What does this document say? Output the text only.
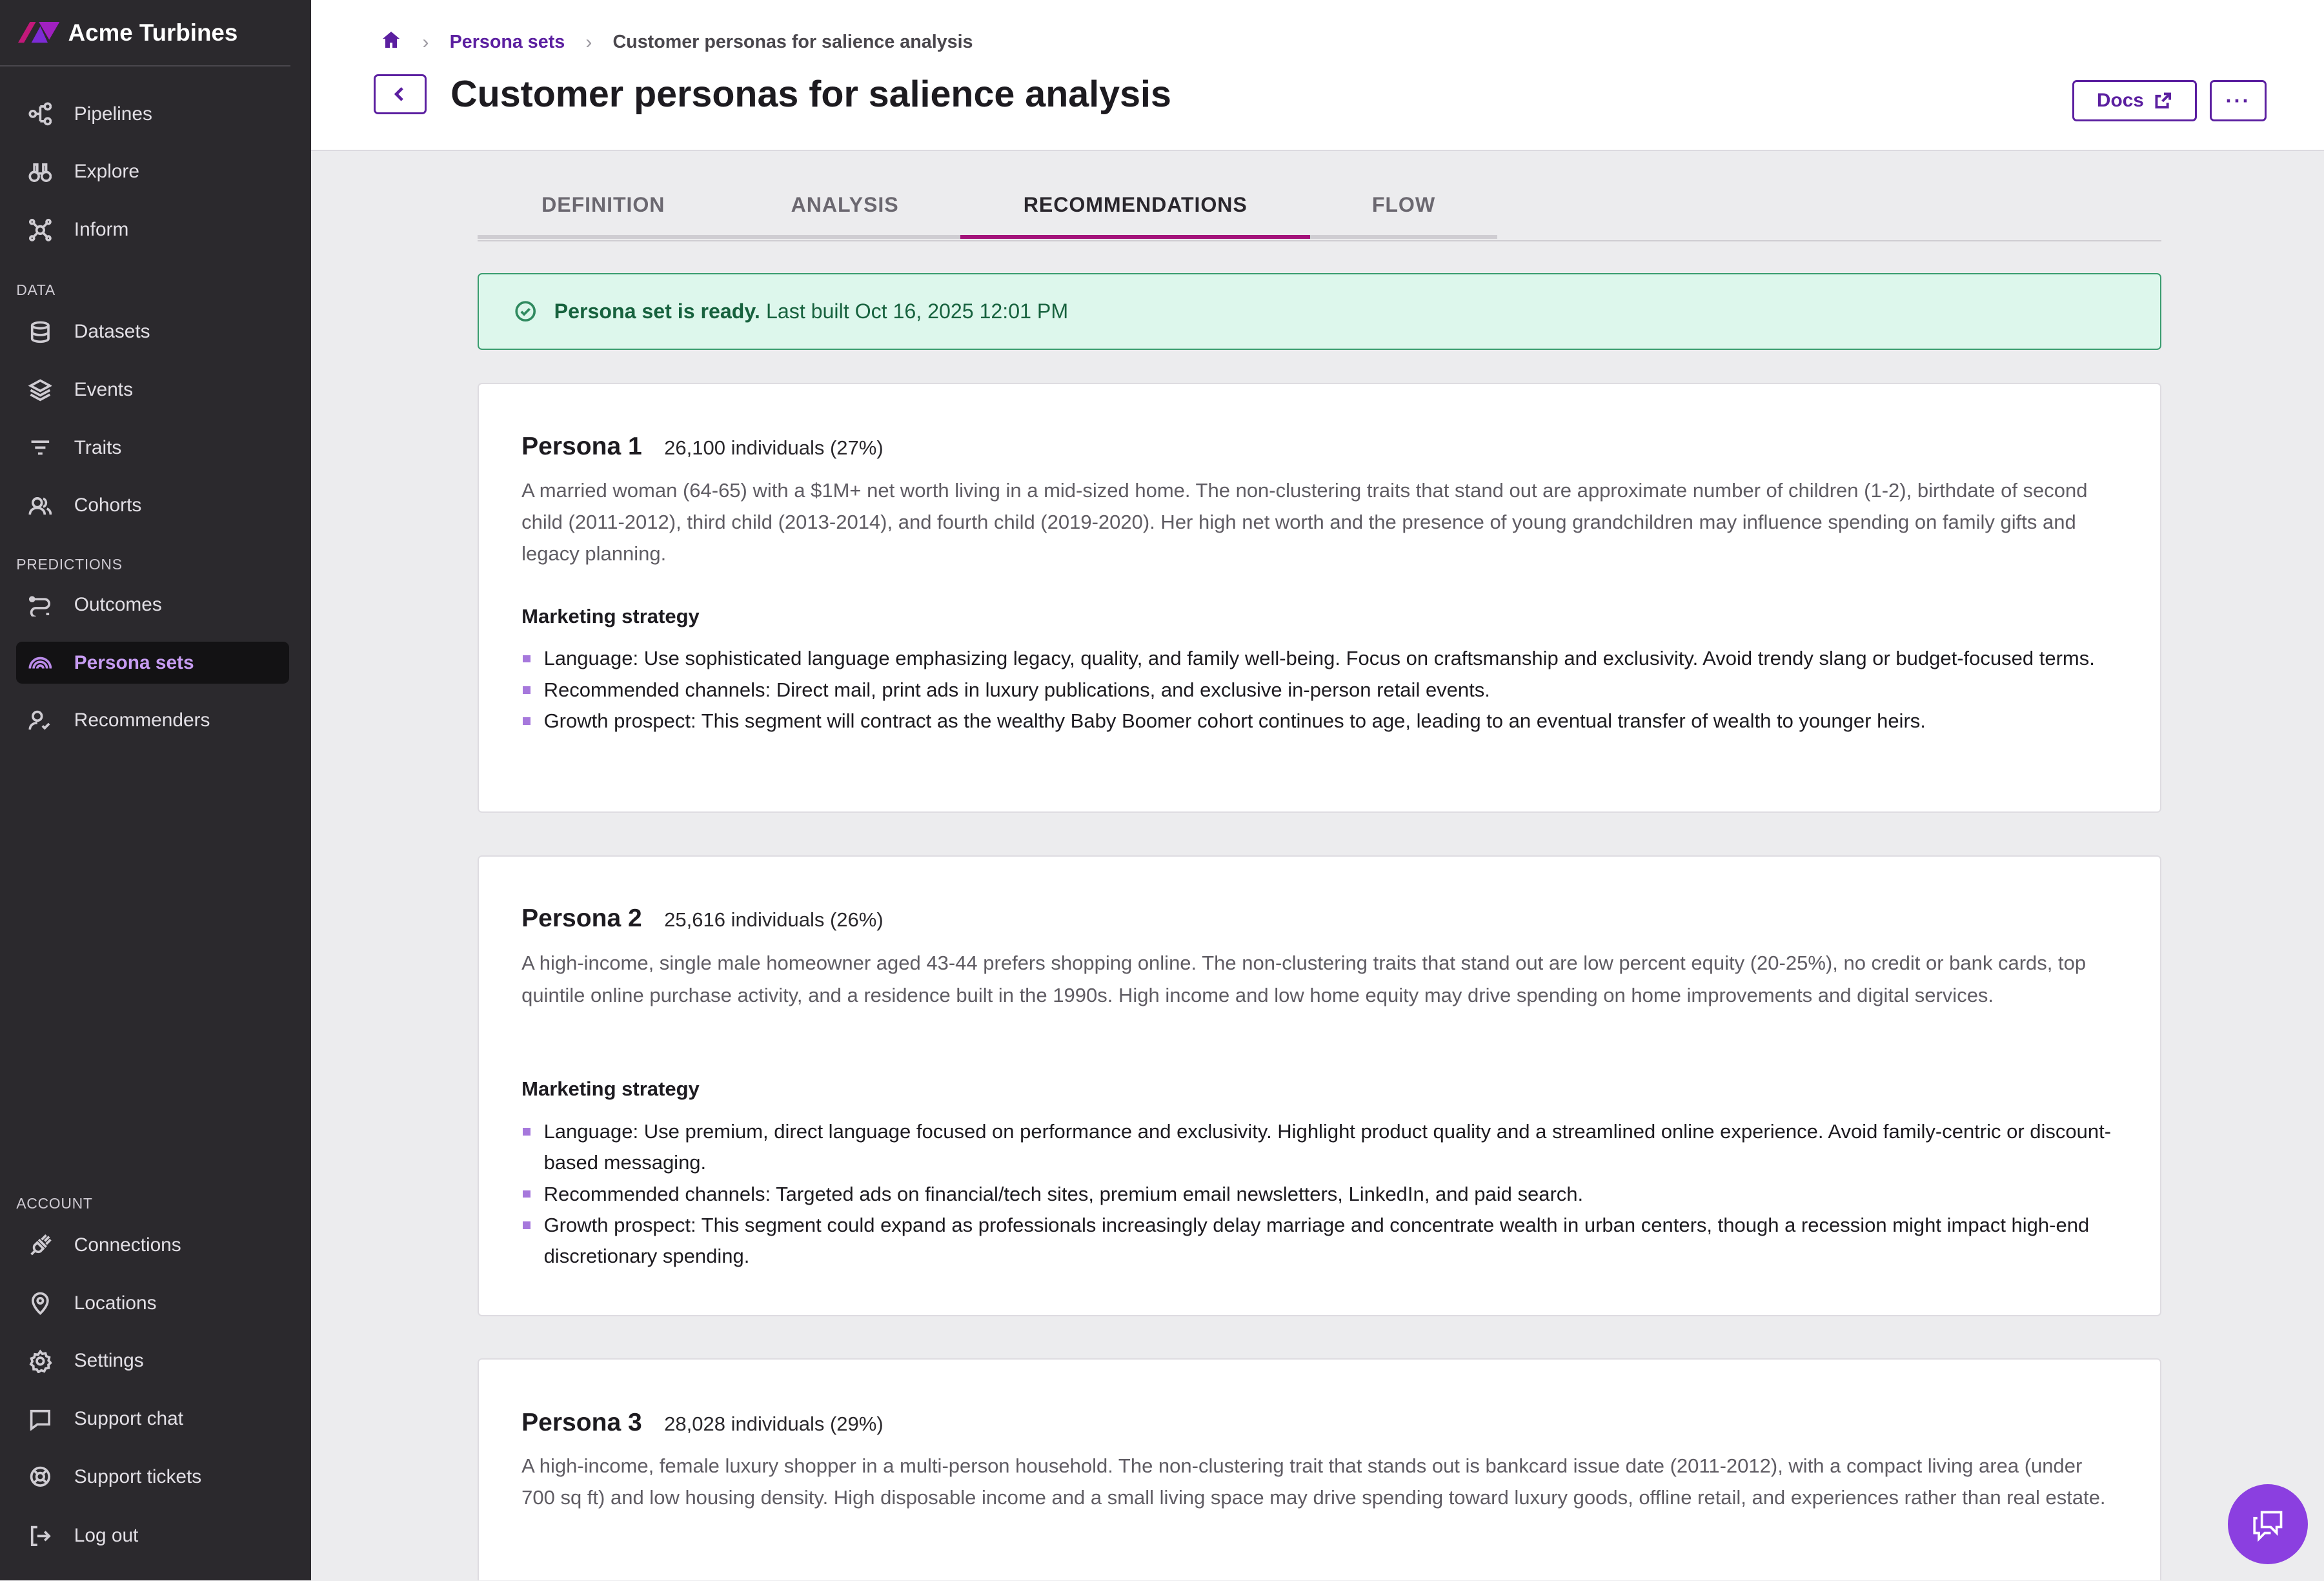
Acme Turbines
Pipelines
Explore
Inform
DATA
Datasets
Events
Traits
Cohorts
PREDICTIONS
Outcomes
Persona sets
Recommenders
ACCOUNT
Connections
Locations
Settings
Support chat
Support tickets
Log out
›	Persona sets ›	Customer personas for salience analysis
Customer personas for salience analysis	Docs	···
DEFINITION	ANALYSIS	RECOMMENDATIONS	FLOW
Persona set is ready. Last built Oct 16, 2025 12:01 PM
Persona 1	26,100 individuals (27%)
A married woman (64-65) with a $1M+ net worth living in a mid-sized home. The non-clustering traits that stand out are approximate number of children (1-2), birthdate of second child (2011-2012), third child (2013-2014), and fourth child (2019-2020). Her high net worth and the presence of young grandchildren may influence spending on family gifts and legacy planning.
Marketing strategy
Language: Use sophisticated language emphasizing legacy, quality, and family well-being. Focus on craftsmanship and exclusivity. Avoid trendy slang or budget-focused terms.
Recommended channels: Direct mail, print ads in luxury publications, and exclusive in-person retail events.
Growth prospect: This segment will contract as the wealthy Baby Boomer cohort continues to age, leading to an eventual transfer of wealth to younger heirs.
Persona 2	25,616 individuals (26%)
A high-income, single male homeowner aged 43-44 prefers shopping online. The non-clustering traits that stand out are low percent equity (20-25%), no credit or bank cards, top quintile online purchase activity, and a residence built in the 1990s. High income and low home equity may drive spending on home improvements and digital services.
Marketing strategy
Language: Use premium, direct language focused on performance and exclusivity. Highlight product quality and a streamlined online experience. Avoid family-centric or discount-based messaging.
Recommended channels: Targeted ads on financial/tech sites, premium email newsletters, LinkedIn, and paid search.
Growth prospect: This segment could expand as professionals increasingly delay marriage and concentrate wealth in urban centers, though a recession might impact high-end discretionary spending.
Persona 3	28,028 individuals (29%)
A high-income, female luxury shopper in a multi-person household. The non-clustering trait that stands out is bankcard issue date (2011-2012), with a compact living area (under 700 sq ft) and low housing density. High disposable income and a small living space may drive spending toward luxury goods, offline retail, and experiences rather than real estate.
